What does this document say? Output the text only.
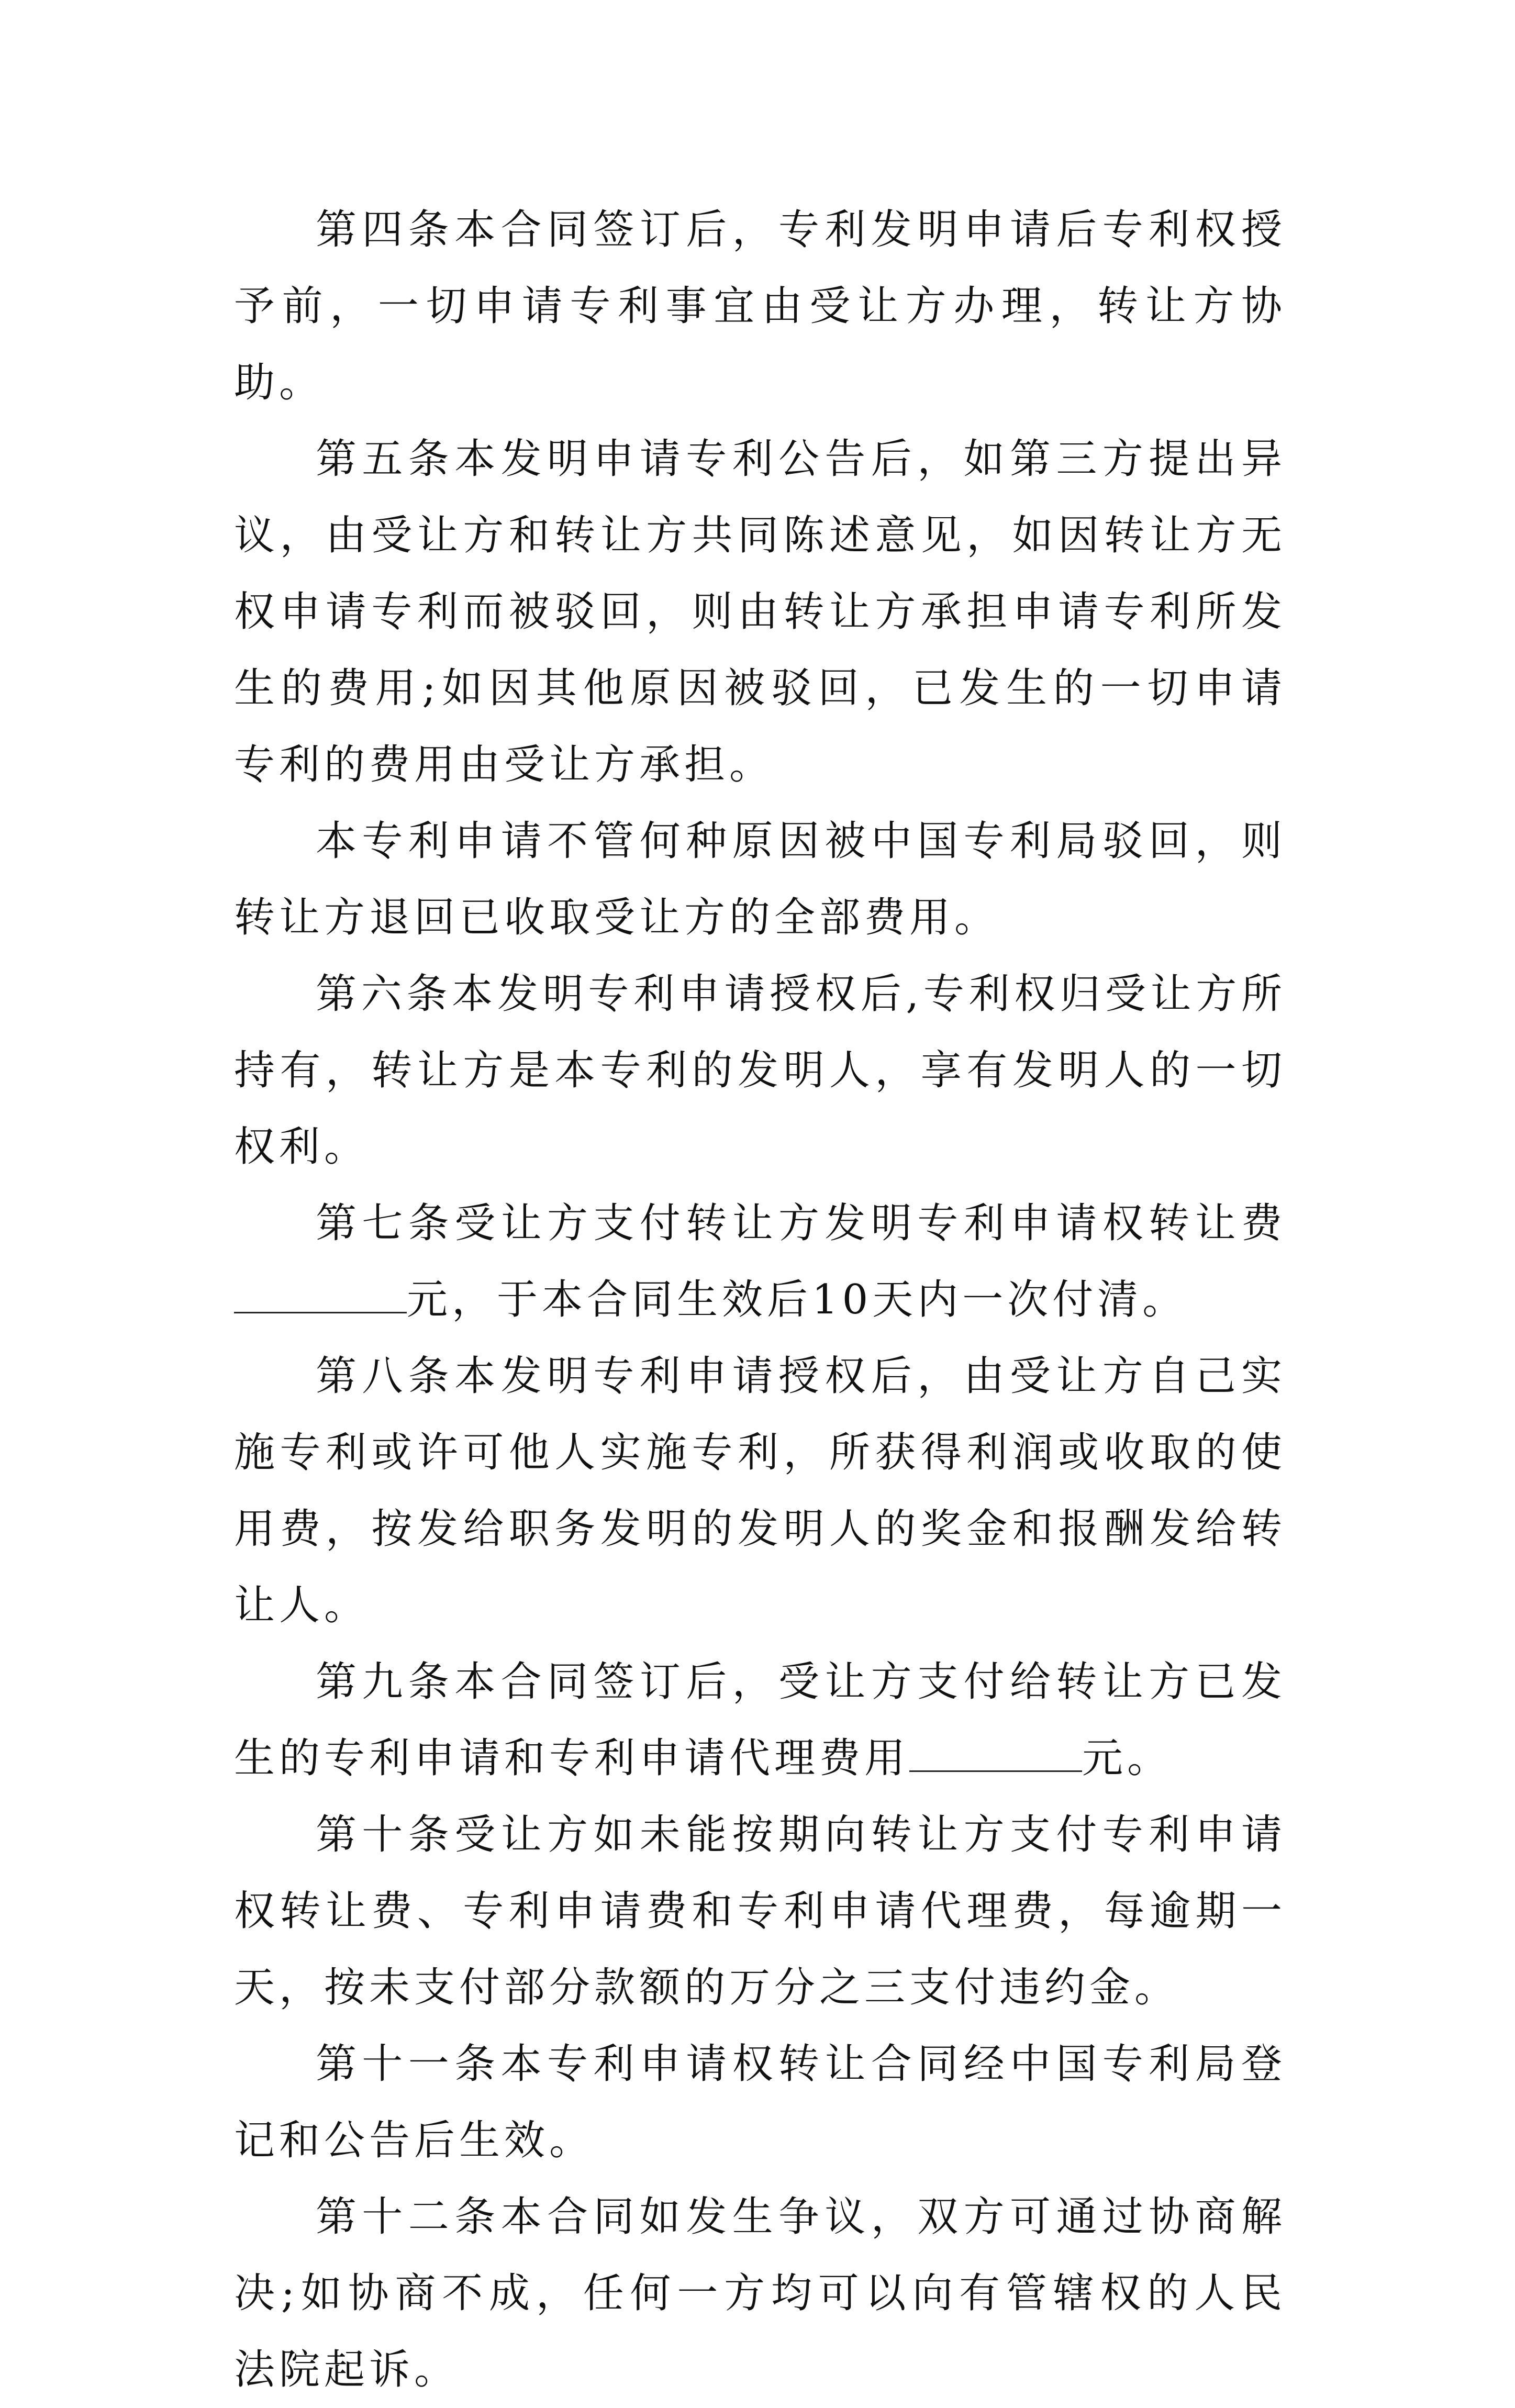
第四条本合同签订后，专利发明申请后专利权授予前，一切申请专利事宜由受让方办理，转让方协助。

第五条本发明申请专利公告后，如第三方提出异议，由受让方和转让方共同陈述意见，如因转让方无权申请专利而被驳回，则由转让方承担申请专利所发生的费用;如因其他原因被驳回，已发生的一切申请专利的费用由受让方承担。

本专利申请不管何种原因被中国专利局驳回，则转让方退回已收取受让方的全部费用。

第六条本发明专利申请授权后,专利权归受让方所持有，转让方是本专利的发明人，享有发明人的一切权利。

第七条受让方支付转让方发明专利申请权转让费元，于本合同生效后10天内一次付清。

第八条本发明专利申请授权后，由受让方自己实施专利或许可他人实施专利，所获得利润或收取的使用费，按发给职务发明的发明人的奖金和报酬发给转让人。

第九条本合同签订后，受让方支付给转让方已发生的专利申请和专利申请代理费用	元。

第十条受让方如未能按期向转让方支付专利申请权转让费、专利申请费和专利申请代理费，每逾期一天，按未支付部分款额的万分之三支付违约金。

第十一条本专利申请权转让合同经中国专利局登记和公告后生效。

第十二条本合同如发生争议，双方可通过协商解决;如协商不成，任何一方均可以向有管辖权的人民法院起诉。
